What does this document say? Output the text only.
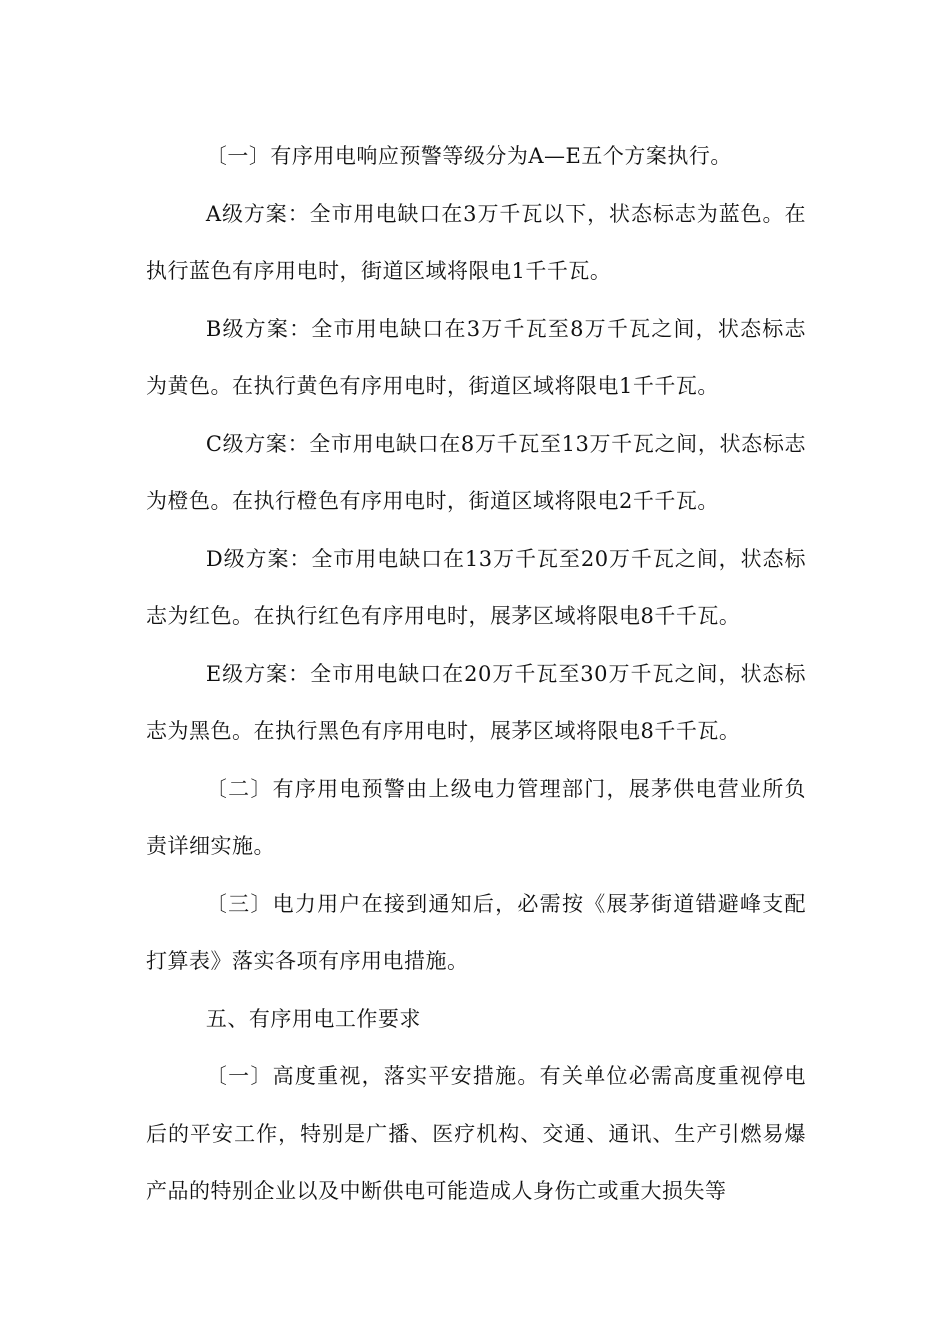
〔一〕有序用电响应预警等级分为A—E五个方案执行。

A级方案：全市用电缺口在3万千瓦以下，状态标志为蓝色。在执行蓝色有序用电时，街道区域将限电1千千瓦。

B级方案：全市用电缺口在3万千瓦至8万千瓦之间，状态标志为黄色。在执行黄色有序用电时，街道区域将限电1千千瓦。

C级方案：全市用电缺口在8万千瓦至13万千瓦之间，状态标志为橙色。在执行橙色有序用电时，街道区域将限电2千千瓦。

D级方案：全市用电缺口在13万千瓦至20万千瓦之间，状态标志为红色。在执行红色有序用电时，展茅区域将限电8千千瓦。

E级方案：全市用电缺口在20万千瓦至30万千瓦之间，状态标志为黑色。在执行黑色有序用电时，展茅区域将限电8千千瓦。

〔二〕有序用电预警由上级电力管理部门，展茅供电营业所负责详细实施。

〔三〕电力用户在接到通知后，必需按《展茅街道错避峰支配打算表》落实各项有序用电措施。

五、有序用电工作要求

〔一〕高度重视，落实平安措施。有关单位必需高度重视停电后的平安工作，特别是广播、医疗机构、交通、通讯、生产引燃易爆产品的特别企业以及中断供电可能造成人身伤亡或重大损失等
